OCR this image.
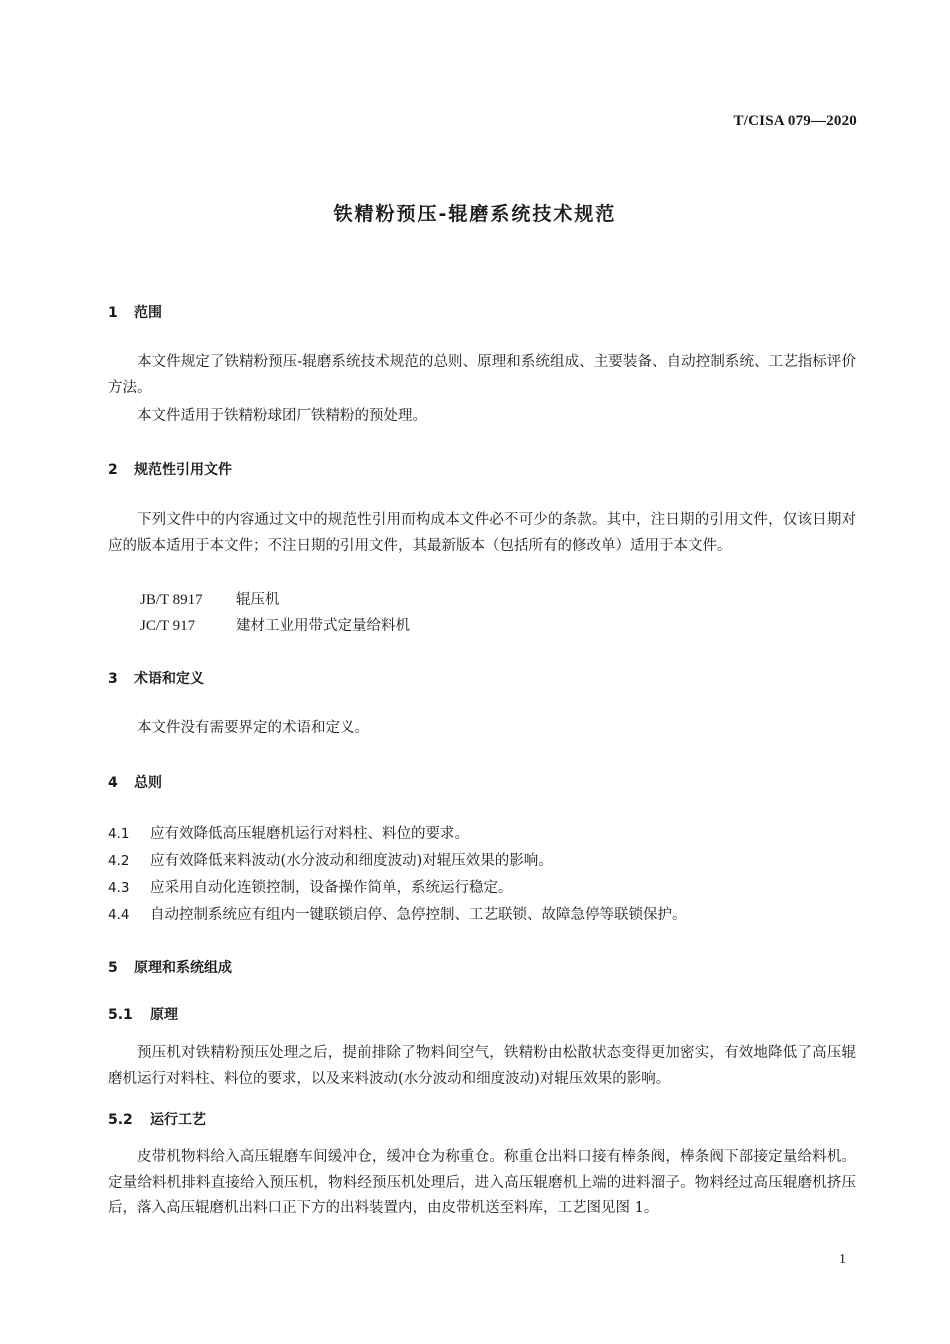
T/CISA 079—2020
铁精粉预压-辊磨系统技术规范
1 范围
本文件规定了铁精粉预压-辊磨系统技术规范的总则、原理和系统组成、主要装备、自动控制系统、工艺指标评价方法。
本文件适用于铁精粉球团厂铁精粉的预处理。
2 规范性引用文件
下列文件中的内容通过文中的规范性引用而构成本文件必不可少的条款。其中，注日期的引用文件，仅该日期对应的版本适用于本文件；不注日期的引用文件，其最新版本（包括所有的修改单）适用于本文件。
JB/T 8917 辊压机
JC/T 917	建材工业用带式定量给料机
3 术语和定义
本文件没有需要界定的术语和定义。
4 总则
4.1 应有效降低高压辊磨机运行对料柱、料位的要求。
4.2 应有效降低来料波动(水分波动和细度波动)对辊压效果的影响。
4.3 应采用自动化连锁控制，设备操作简单，系统运行稳定。
4.4 自动控制系统应有组内一键联锁启停、急停控制、工艺联锁、故障急停等联锁保护。
5 原理和系统组成
5.1 原理
预压机对铁精粉预压处理之后，提前排除了物料间空气，铁精粉由松散状态变得更加密实，有效地降低了高压辊磨机运行对料柱、料位的要求，以及来料波动(水分波动和细度波动)对辊压效果的影响。
5.2 运行工艺
皮带机物料给入高压辊磨车间缓冲仓，缓冲仓为称重仓。称重仓出料口接有棒条阀，棒条阀下部接定量给料机。定量给料机排料直接给入预压机，物料经预压机处理后，进入高压辊磨机上端的进料溜子。物料经过高压辊磨机挤压后，落入高压辊磨机出料口正下方的出料装置内，由皮带机送至料库，工艺图见图 1。
1
